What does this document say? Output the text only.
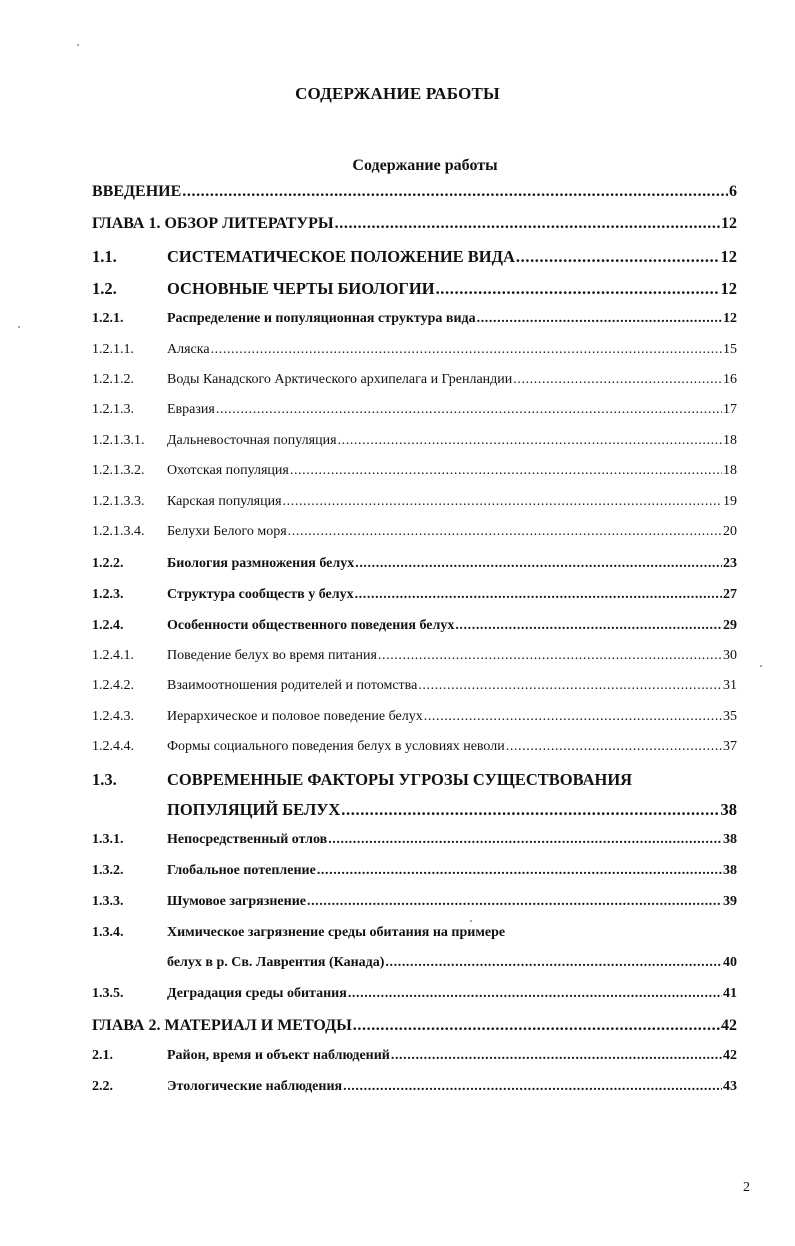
СОДЕРЖАНИЕ РАБОТЫ
Содержание работы
ВВЕДЕНИЕ .....	6
ГЛАВА 1. ОБЗОР ЛИТЕРАТУРЫ .....	12
1.1.	СИСТЕМАТИЧЕСКОЕ ПОЛОЖЕНИЕ ВИДА .....	12
1.2.	ОСНОВНЫЕ ЧЕРТЫ БИОЛОГИИ .....	12
1.2.1.	Распределение и популяционная структура вида .....	12
1.2.1.1.	Аляска .....	15
1.2.1.2.	Воды Канадского Арктического архипелага и Гренландии .....	16
1.2.1.3.	Евразия .....	17
1.2.1.3.1.	Дальневосточная популяция .....	18
1.2.1.3.2.	Охотская популяция .....	18
1.2.1.3.3.	Карская популяция .....	19
1.2.1.3.4.	Белухи Белого моря .....	20
1.2.2.	Биология размножения белух .....	23
1.2.3.	Структура сообществ у белух .....	27
1.2.4.	Особенности общественного поведения белух .....	29
1.2.4.1.	Поведение белух во время питания .....	30
1.2.4.2.	Взаимоотношения родителей и потомства .....	31
1.2.4.3.	Иерархическое и половое поведение белух .....	35
1.2.4.4.	Формы социального поведения белух в условиях неволи .....	37
1.3.	СОВРЕМЕННЫЕ ФАКТОРЫ УГРОЗЫ СУЩЕСТВОВАНИЯ
ПОПУЛЯЦИЙ БЕЛУХ .....	38
1.3.1.	Непосредственный отлов .....	38
1.3.2.	Глобальное потепление .....	38
1.3.3.	Шумовое загрязнение .....	39
1.3.4.	Химическое загрязнение среды обитания на примере
белух в р. Св. Лаврентия (Канада) .....	40
1.3.5.	Деградация среды обитания .....	41
ГЛАВА 2. МАТЕРИАЛ И МЕТОДЫ .....	42
2.1.	Район, время и объект наблюдений .....	42
2.2.	Этологические наблюдения .....	43
2
